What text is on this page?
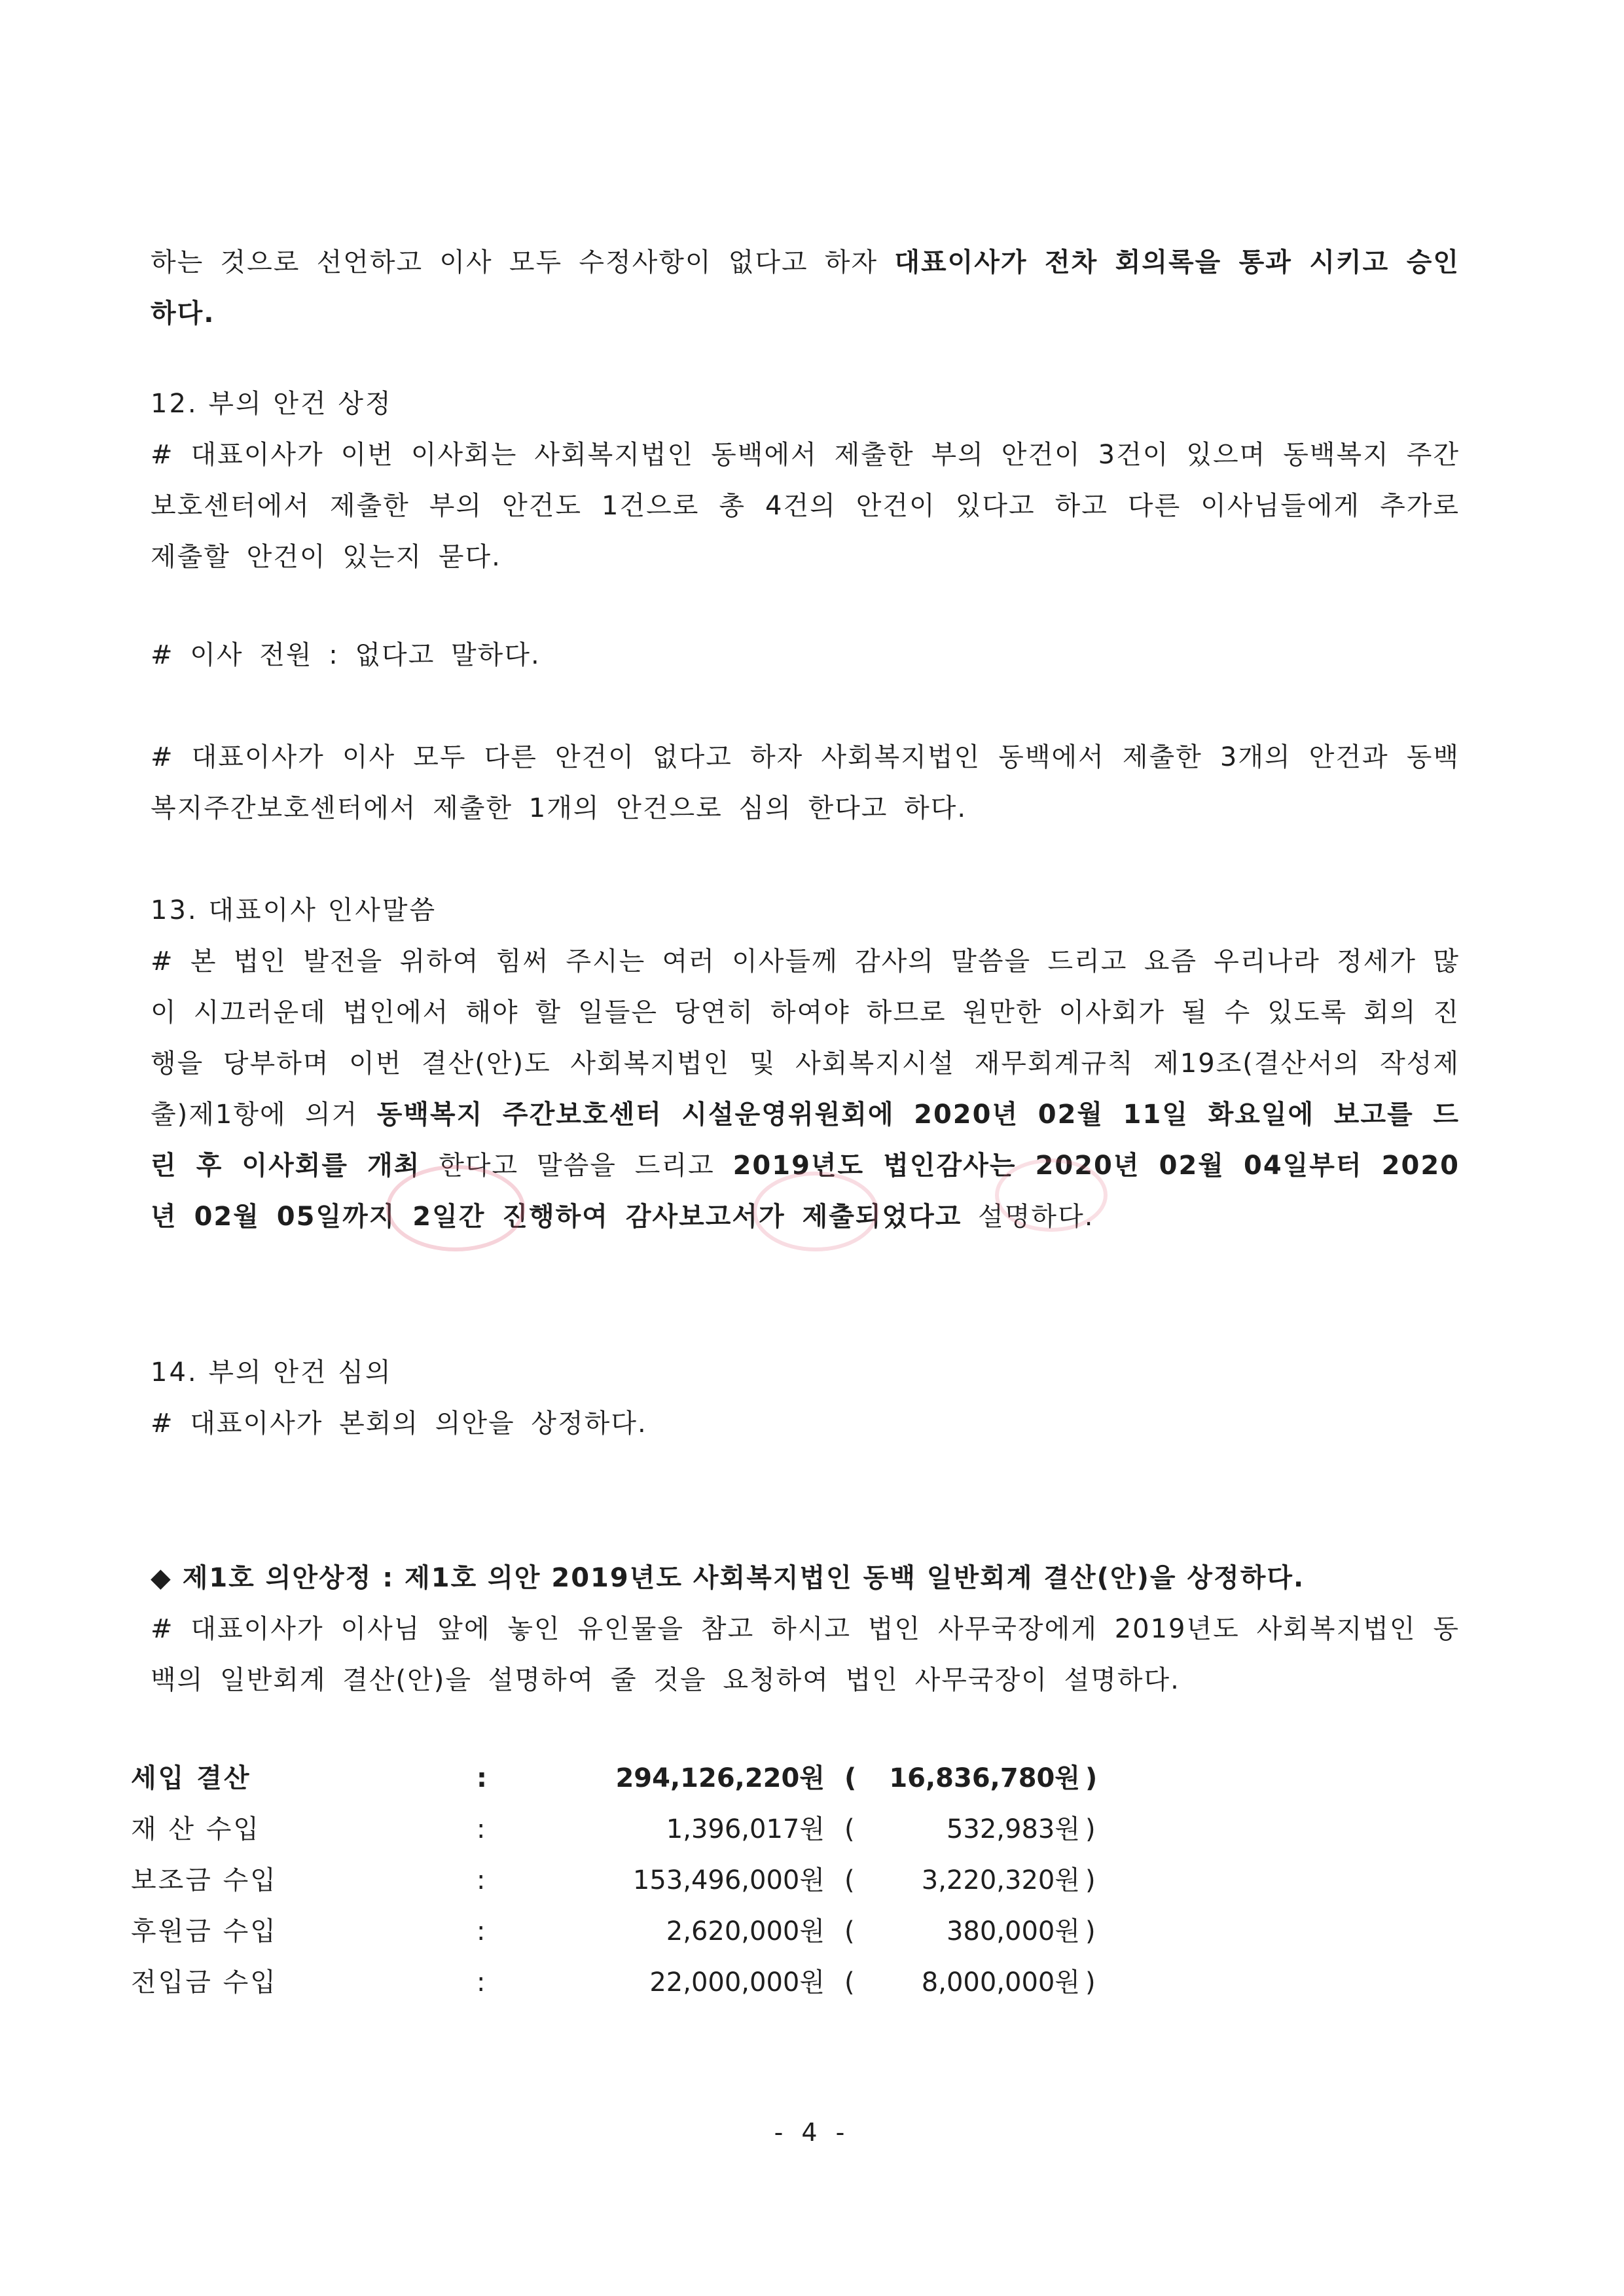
하는 것으로 선언하고 이사 모두 수정사항이 없다고 하자 대표이사가 전차 회의록을 통과 시키고 승인하다.
12. 부의 안건 상정
# 대표이사가 이번 이사회는 사회복지법인 동백에서 제출한 부의 안건이 3건이 있으며 동백복지 주간보호센터에서 제출한 부의 안건도 1건으로 총 4건의 안건이 있다고 하고 다른 이사님들에게 추가로 제출할 안건이 있는지 묻다.
# 이사 전원 : 없다고 말하다.
# 대표이사가 이사 모두 다른 안건이 없다고 하자 사회복지법인 동백에서 제출한 3개의 안건과 동백복지주간보호센터에서 제출한 1개의 안건으로 심의 한다고 하다.
13. 대표이사 인사말씀
# 본 법인 발전을 위하여 힘써 주시는 여러 이사들께 감사의 말씀을 드리고 요즘 우리나라 정세가 많이 시끄러운데 법인에서 해야 할 일들은 당연히 하여야 하므로 원만한 이사회가 될 수 있도록 회의 진행을 당부하며 이번 결산(안)도 사회복지법인 및 사회복지시설 재무회계규칙 제19조(결산서의 작성제출)제1항에 의거 동백복지 주간보호센터 시설운영위원회에 2020년 02월 11일 화요일에 보고를 드린 후 이사회를 개최 한다고 말씀을 드리고 2019년도 법인감사는 2020년 02월 04일부터 2020년 02월 05일까지 2일간 진행하여 감사보고서가 제출되었다고 설명하다.
14. 부의 안건 심의
# 대표이사가 본회의 의안을 상정하다.
◆ 제1호 의안상정 : 제1호 의안 2019년도 사회복지법인 동백 일반회계 결산(안)을 상정하다.
# 대표이사가 이사님 앞에 놓인 유인물을 참고 하시고 법인 사무국장에게 2019년도 사회복지법인 동백의 일반회계 결산(안)을 설명하여 줄 것을 요청하여 법인 사무국장이 설명하다.
세입 결산	:	294,126,220원 ( 16,836,780원 )
재 산 수입	:	1,396,017원 (	532,983원 )
보조금 수입	:	153,496,000원 (	3,220,320원 )
후원금 수입	:	2,620,000원 (	380,000원 )
전입금 수입	:	22,000,000원 (	8,000,000원 )
- 4 -
